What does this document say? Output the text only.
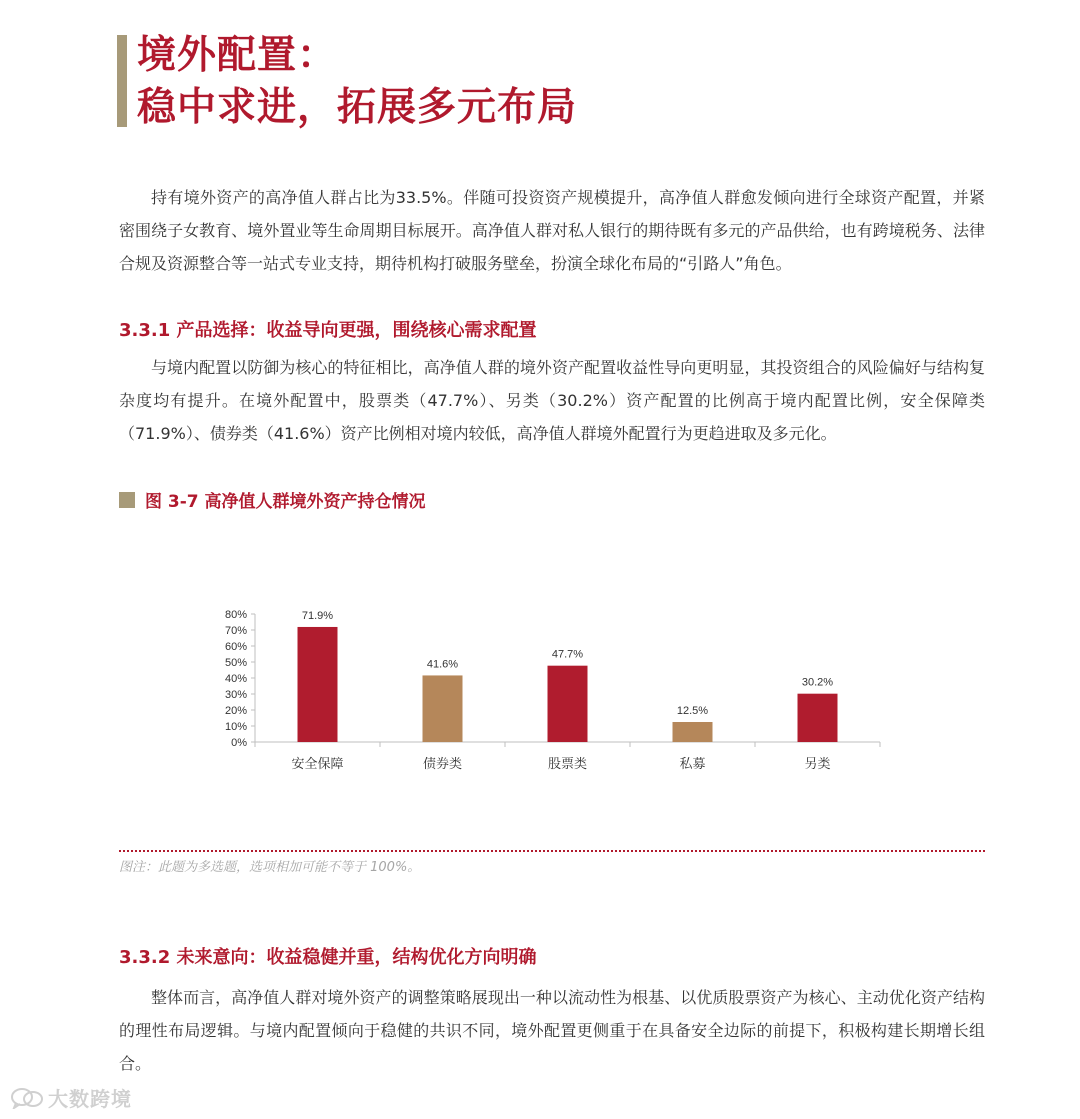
境外配置：
稳中求进，拓展多元布局

持有境外资产的高净值人群占比为33.5%。伴随可投资资产规模提升，高净值人群愈发倾向进行全球资产配置，并紧密围绕子女教育、境外置业等生命周期目标展开。高净值人群对私人银行的期待既有多元的产品供给，也有跨境税务、法律合规及资源整合等一站式专业支持，期待机构打破服务壁垒，扮演全球化布局的“引路人”角色。

3.3.1 产品选择：收益导向更强，围绕核心需求配置

与境内配置以防御为核心的特征相比，高净值人群的境外资产配置收益性导向更明显，其投资组合的风险偏好与结构复杂度均有提升。在境外配置中，股票类（47.7%）、另类（30.2%）资产配置的比例高于境内配置比例，安全保障类（71.9%）、债券类（41.6%）资产比例相对境内较低，高净值人群境外配置行为更趋进取及多元化。

图 3-7 高净值人群境外资产持仓情况
0%
10%
20%
30%
40%
50%
60%
70%
80%	71.9%
安全保障
41.6%
债券类
47.7%
股票类
12.5%
私募
30.2%
另类
图注：此题为多选题，选项相加可能不等于 100%。
3.3.2 未来意向：收益稳健并重，结构优化方向明确

整体而言，高净值人群对境外资产的调整策略展现出一种以流动性为根基、以优质股票资产为核心、主动优化资产结构的理性布局逻辑。与境内配置倾向于稳健的共识不同，境外配置更侧重于在具备安全边际的前提下，积极构建长期增长组合。

大数跨境
